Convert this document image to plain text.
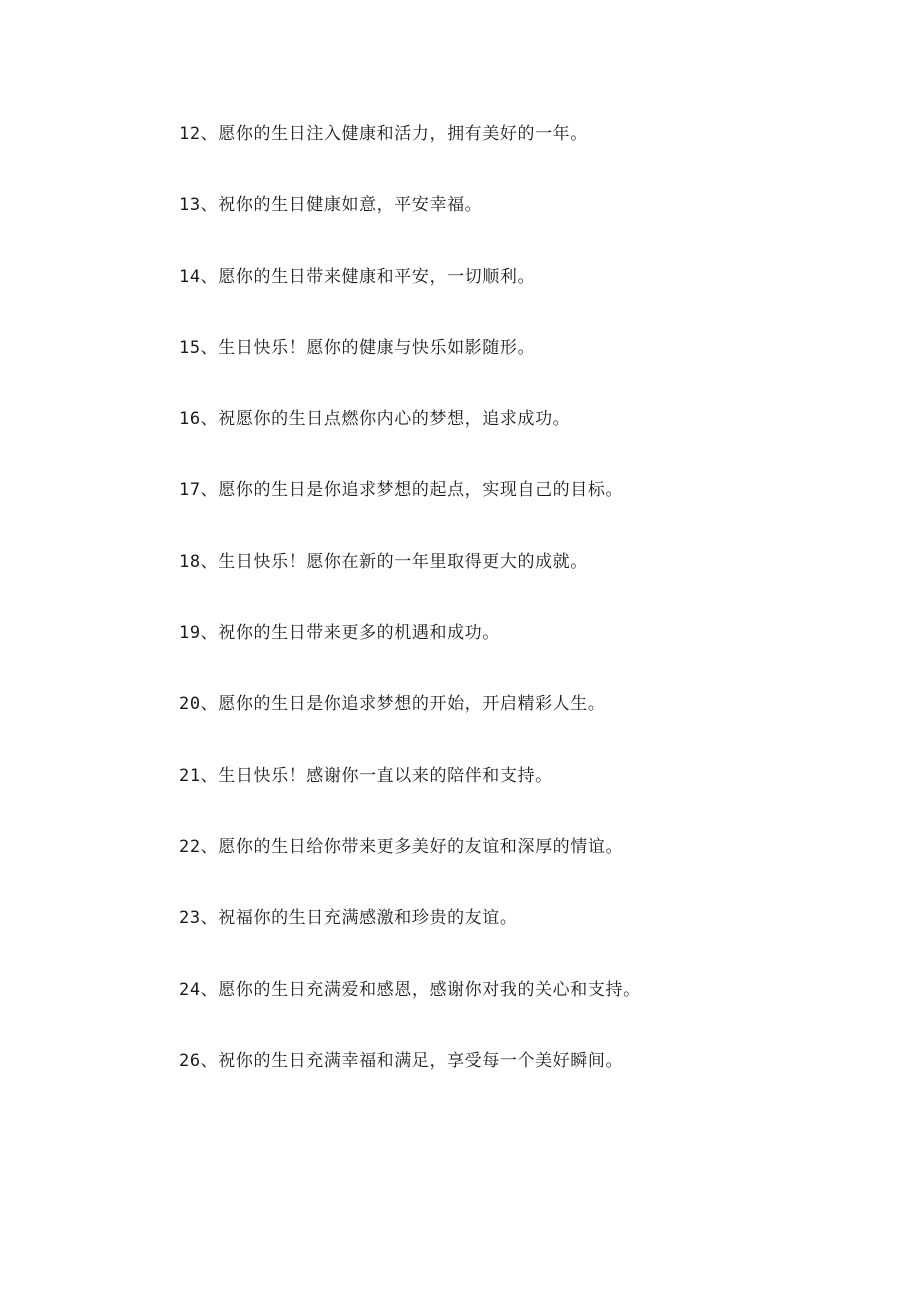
12、愿你的生日注入健康和活力，拥有美好的一年。
13、祝你的生日健康如意，平安幸福。
14、愿你的生日带来健康和平安，一切顺利。
15、生日快乐！愿你的健康与快乐如影随形。
16、祝愿你的生日点燃你内心的梦想，追求成功。
17、愿你的生日是你追求梦想的起点，实现自己的目标。
18、生日快乐！愿你在新的一年里取得更大的成就。
19、祝你的生日带来更多的机遇和成功。
20、愿你的生日是你追求梦想的开始，开启精彩人生。
21、生日快乐！感谢你一直以来的陪伴和支持。
22、愿你的生日给你带来更多美好的友谊和深厚的情谊。
23、祝福你的生日充满感激和珍贵的友谊。
24、愿你的生日充满爱和感恩，感谢你对我的关心和支持。
26、祝你的生日充满幸福和满足，享受每一个美好瞬间。
